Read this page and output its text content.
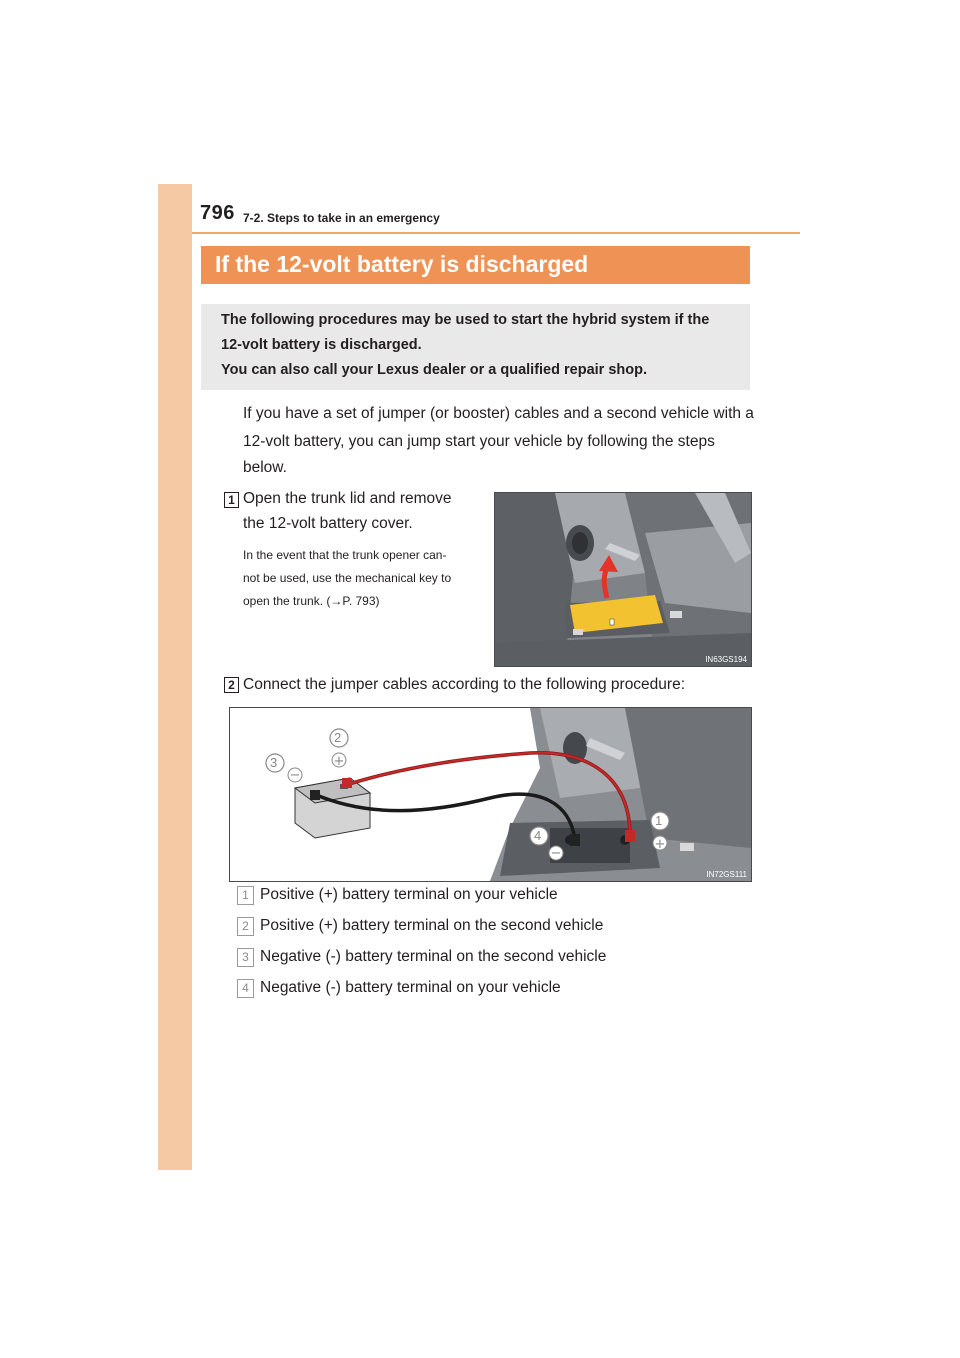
796 7-2. Steps to take in an emergency
If the 12-volt battery is discharged
The following procedures may be used to start the hybrid system if the
12-volt battery is discharged.
You can also call your Lexus dealer or a qualified repair shop.
If you have a set of jumper (or booster) cables and a second vehicle with a
12-volt battery, you can jump start your vehicle by following the steps
below.
1 Open the trunk lid and remove
the 12-volt battery cover.
In the event that the trunk opener can-
not be used, use the mechanical key to
open the trunk. (→P. 793)
IN63GS194
2 Connect the jumper cables according to the following procedure:
+
−
+
−
2
3
1
4
IN72GS111
1 Positive (+) battery terminal on your vehicle
2 Positive (+) battery terminal on the second vehicle
3 Negative (-) battery terminal on the second vehicle
4 Negative (-) battery terminal on your vehicle
